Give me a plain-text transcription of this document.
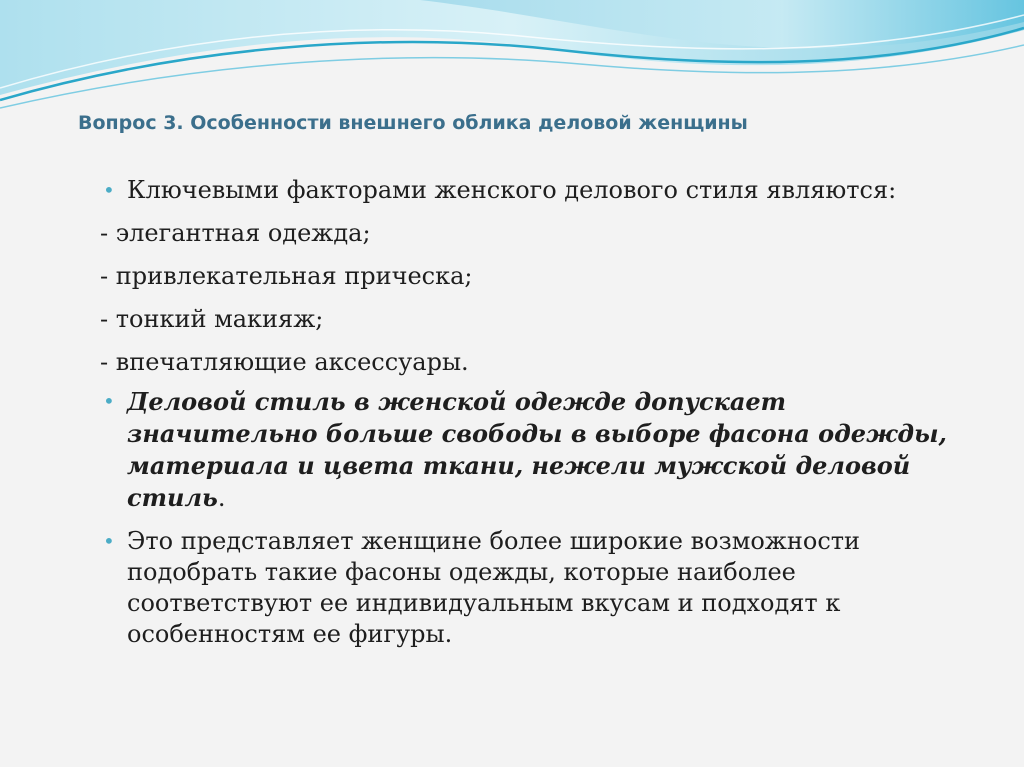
Вопрос 3. Особенности внешнего облика деловой женщины
• Ключевыми факторами женского делового стиля являются:
- элегантная одежда;
- привлекательная прическа;
- тонкий макияж;
- впечатляющие аксессуары.
• Деловой стиль в женской одежде допускает значительно больше свободы в выборе фасона одежды, материала и цвета ткани, нежели мужской деловой стиль.
• Это представляет женщине более широкие возможности подобрать такие фасоны одежды, которые наиболее соответствуют ее индивидуальным вкусам и подходят к особенностям ее фигуры.
